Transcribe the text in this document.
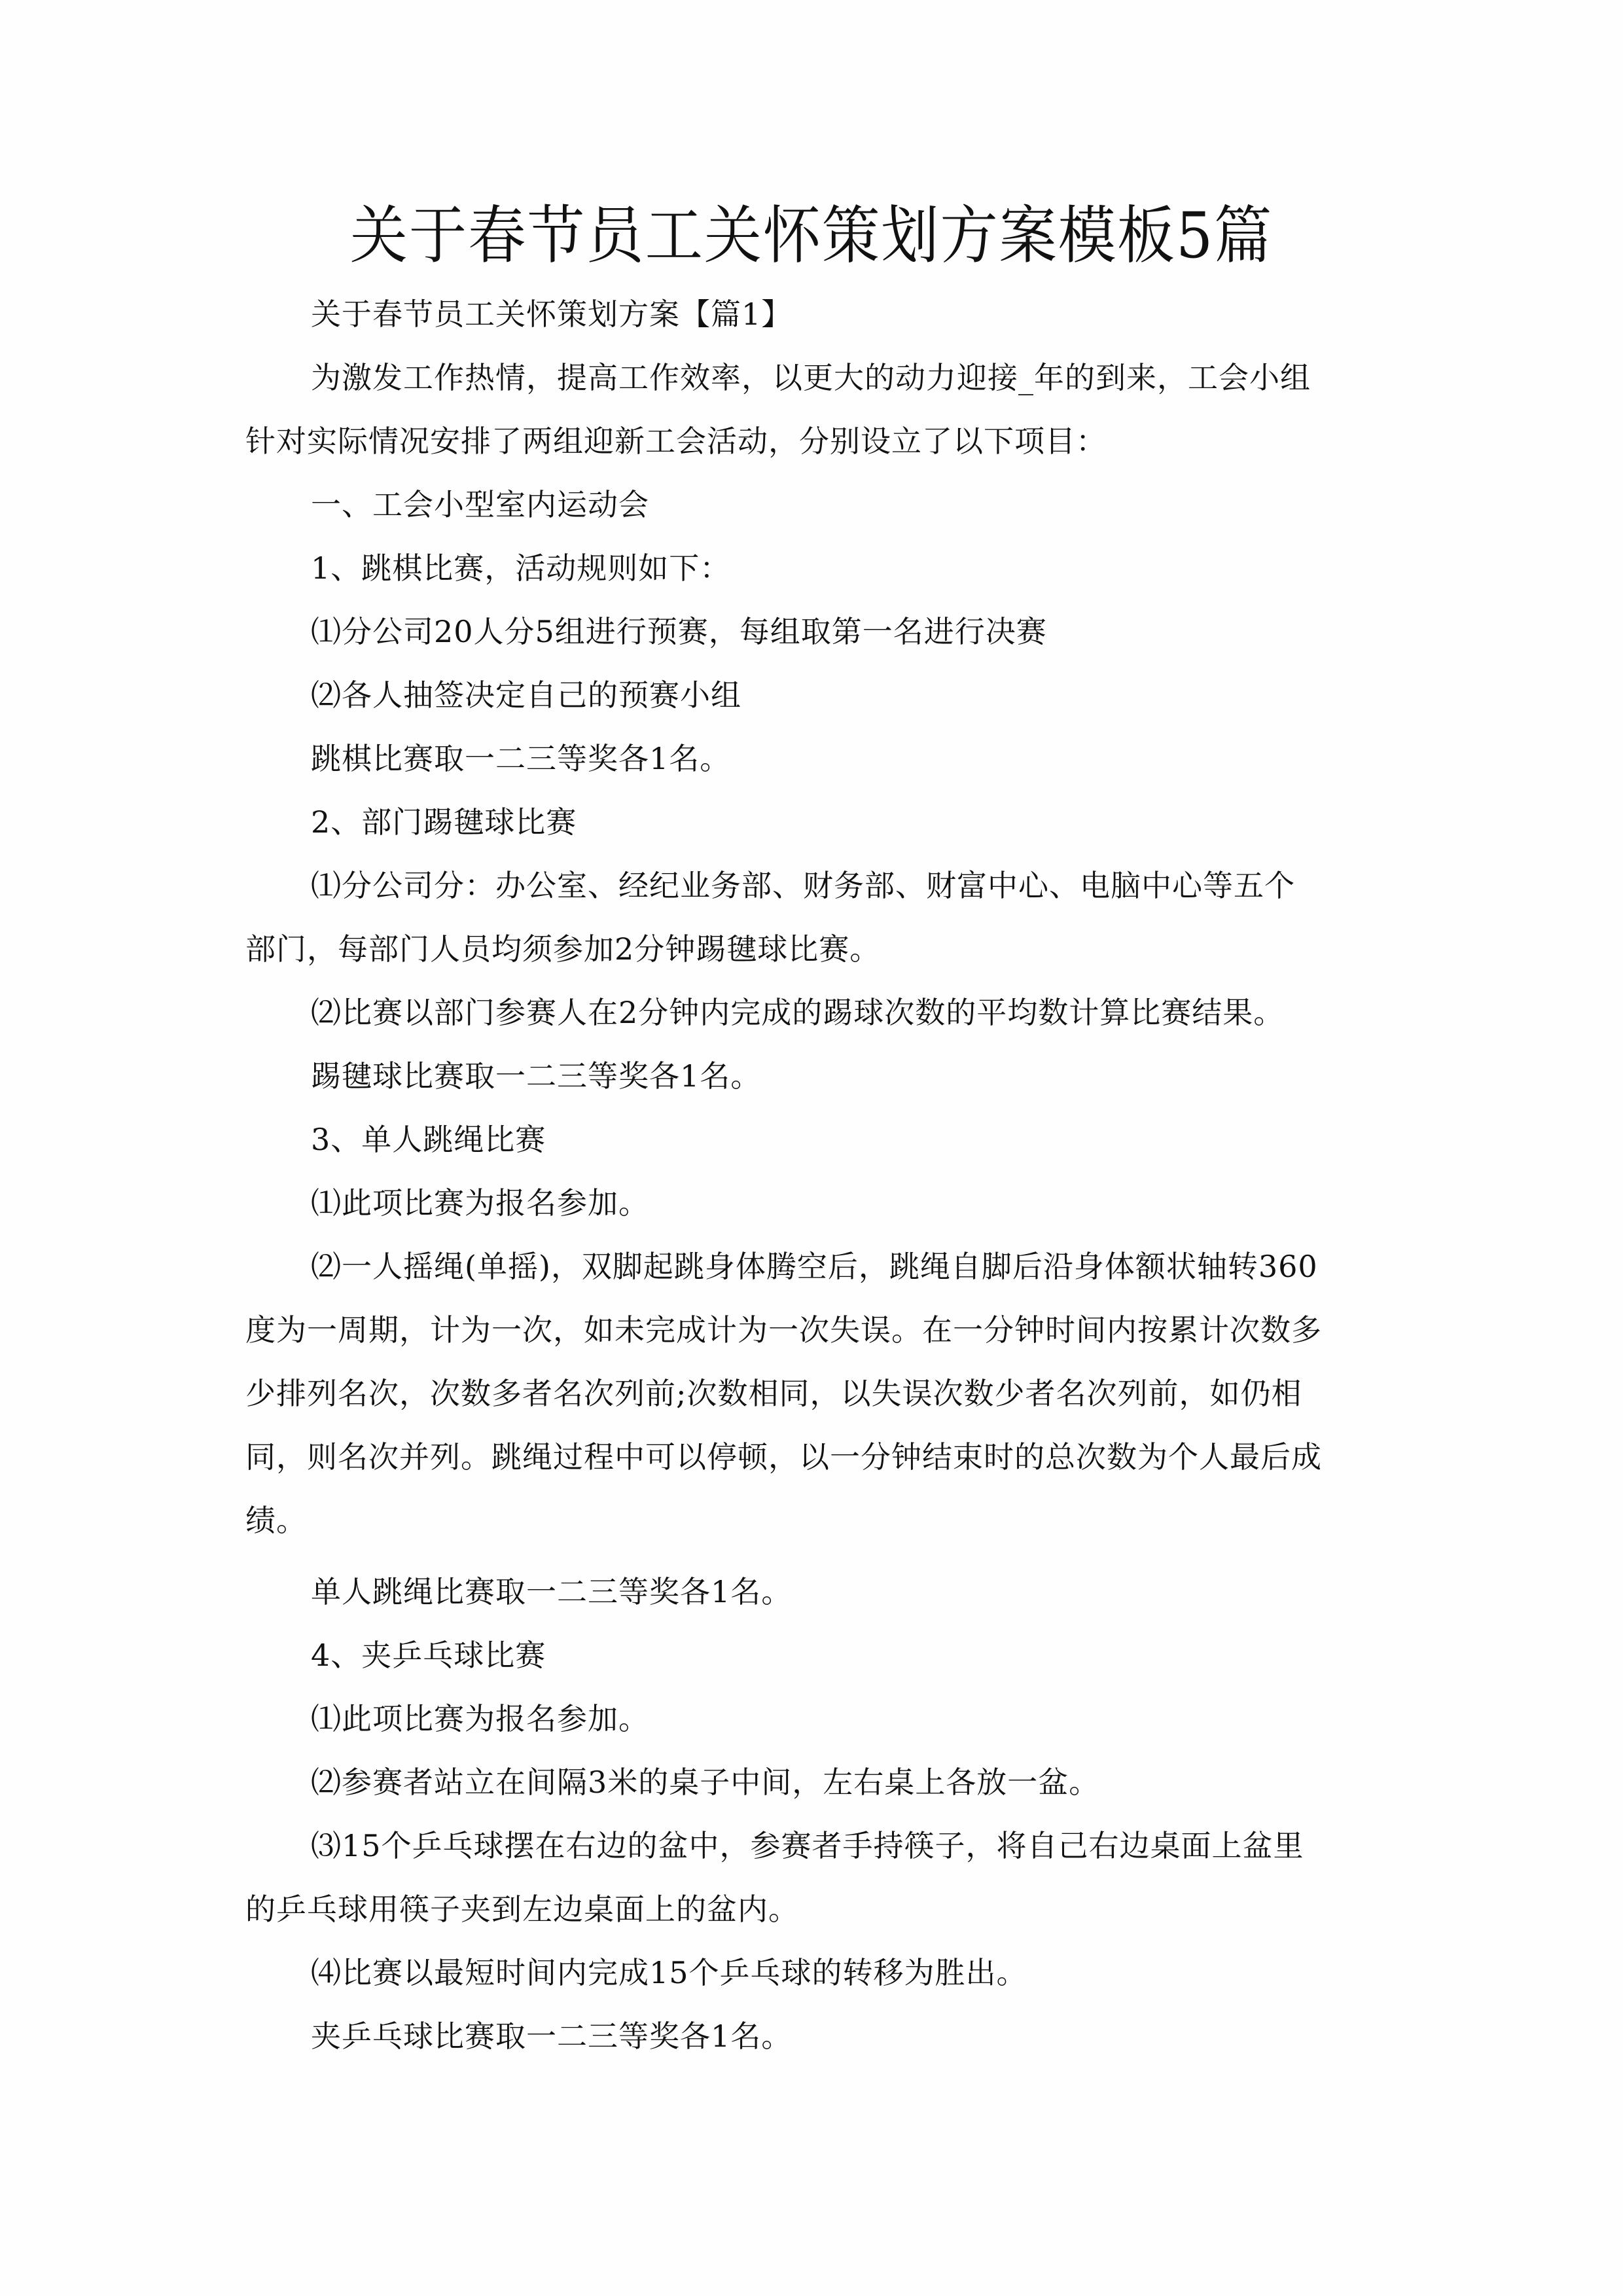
关于春节员工关怀策划方案模板5篇
关于春节员工关怀策划方案【篇1】
为激发工作热情，提高工作效率，以更大的动力迎接_年的到来，工会小组
针对实际情况安排了两组迎新工会活动，分别设立了以下项目：
一、工会小型室内运动会
1、跳棋比赛，活动规则如下：
⑴分公司20人分5组进行预赛，每组取第一名进行决赛
⑵各人抽签决定自己的预赛小组
跳棋比赛取一二三等奖各1名。
2、部门踢毽球比赛
⑴分公司分：办公室、经纪业务部、财务部、财富中心、电脑中心等五个
部门，每部门人员均须参加2分钟踢毽球比赛。
⑵比赛以部门参赛人在2分钟内完成的踢球次数的平均数计算比赛结果。
踢毽球比赛取一二三等奖各1名。
3、单人跳绳比赛
⑴此项比赛为报名参加。
⑵一人摇绳(单摇)，双脚起跳身体腾空后，跳绳自脚后沿身体额状轴转360
度为一周期，计为一次，如未完成计为一次失误。在一分钟时间内按累计次数多
少排列名次，次数多者名次列前;次数相同，以失误次数少者名次列前，如仍相
同，则名次并列。跳绳过程中可以停顿，以一分钟结束时的总次数为个人最后成
绩。
单人跳绳比赛取一二三等奖各1名。
4、夹乒乓球比赛
⑴此项比赛为报名参加。
⑵参赛者站立在间隔3米的桌子中间，左右桌上各放一盆。
⑶15个乒乓球摆在右边的盆中，参赛者手持筷子，将自己右边桌面上盆里
的乒乓球用筷子夹到左边桌面上的盆内。
⑷比赛以最短时间内完成15个乒乓球的转移为胜出。
夹乒乓球比赛取一二三等奖各1名。
